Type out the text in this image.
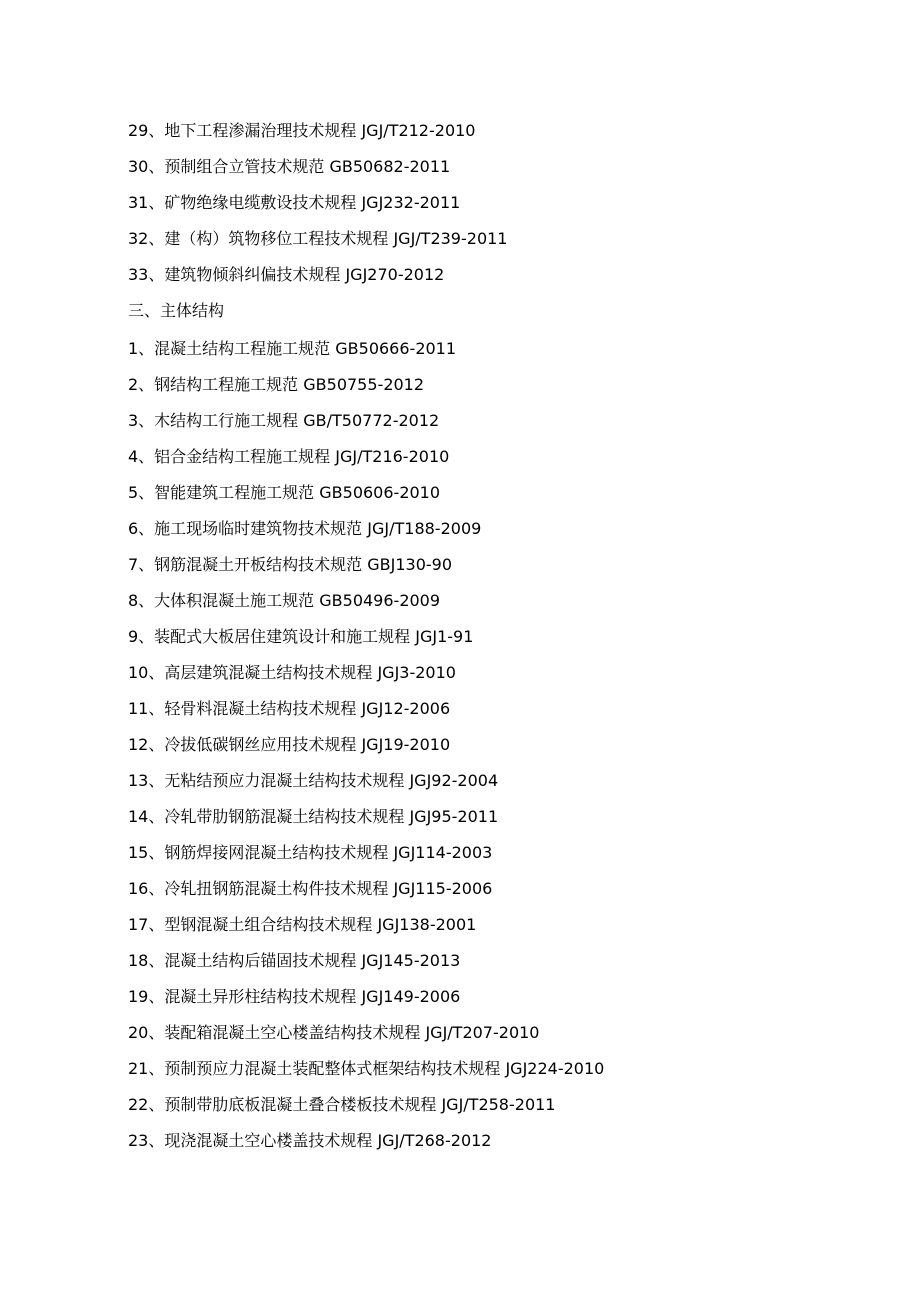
29、地下工程渗漏治理技术规程 JGJ/T212-2010
30、预制组合立管技术规范 GB50682-2011
31、矿物绝缘电缆敷设技术规程 JGJ232-2011
32、建（构）筑物移位工程技术规程 JGJ/T239-2011
33、建筑物倾斜纠偏技术规程 JGJ270-2012
三、主体结构
1、混凝土结构工程施工规范 GB50666-2011
2、钢结构工程施工规范 GB50755-2012
3、木结构工行施工规程 GB/T50772-2012
4、铝合金结构工程施工规程 JGJ/T216-2010
5、智能建筑工程施工规范 GB50606-2010
6、施工现场临时建筑物技术规范 JGJ/T188-2009
7、钢筋混凝土开板结构技术规范 GBJ130-90
8、大体积混凝土施工规范 GB50496-2009
9、装配式大板居住建筑设计和施工规程 JGJ1-91
10、高层建筑混凝土结构技术规程 JGJ3-2010
11、轻骨料混凝土结构技术规程 JGJ12-2006
12、冷拔低碳钢丝应用技术规程 JGJ19-2010
13、无粘结预应力混凝土结构技术规程 JGJ92-2004
14、冷轧带肋钢筋混凝土结构技术规程 JGJ95-2011
15、钢筋焊接网混凝土结构技术规程 JGJ114-2003
16、冷轧扭钢筋混凝土构件技术规程 JGJ115-2006
17、型钢混凝土组合结构技术规程 JGJ138-2001
18、混凝土结构后锚固技术规程 JGJ145-2013
19、混凝土异形柱结构技术规程 JGJ149-2006
20、装配箱混凝土空心楼盖结构技术规程 JGJ/T207-2010
21、预制预应力混凝土装配整体式框架结构技术规程 JGJ224-2010
22、预制带肋底板混凝土叠合楼板技术规程 JGJ/T258-2011
23、现浇混凝土空心楼盖技术规程 JGJ/T268-2012
